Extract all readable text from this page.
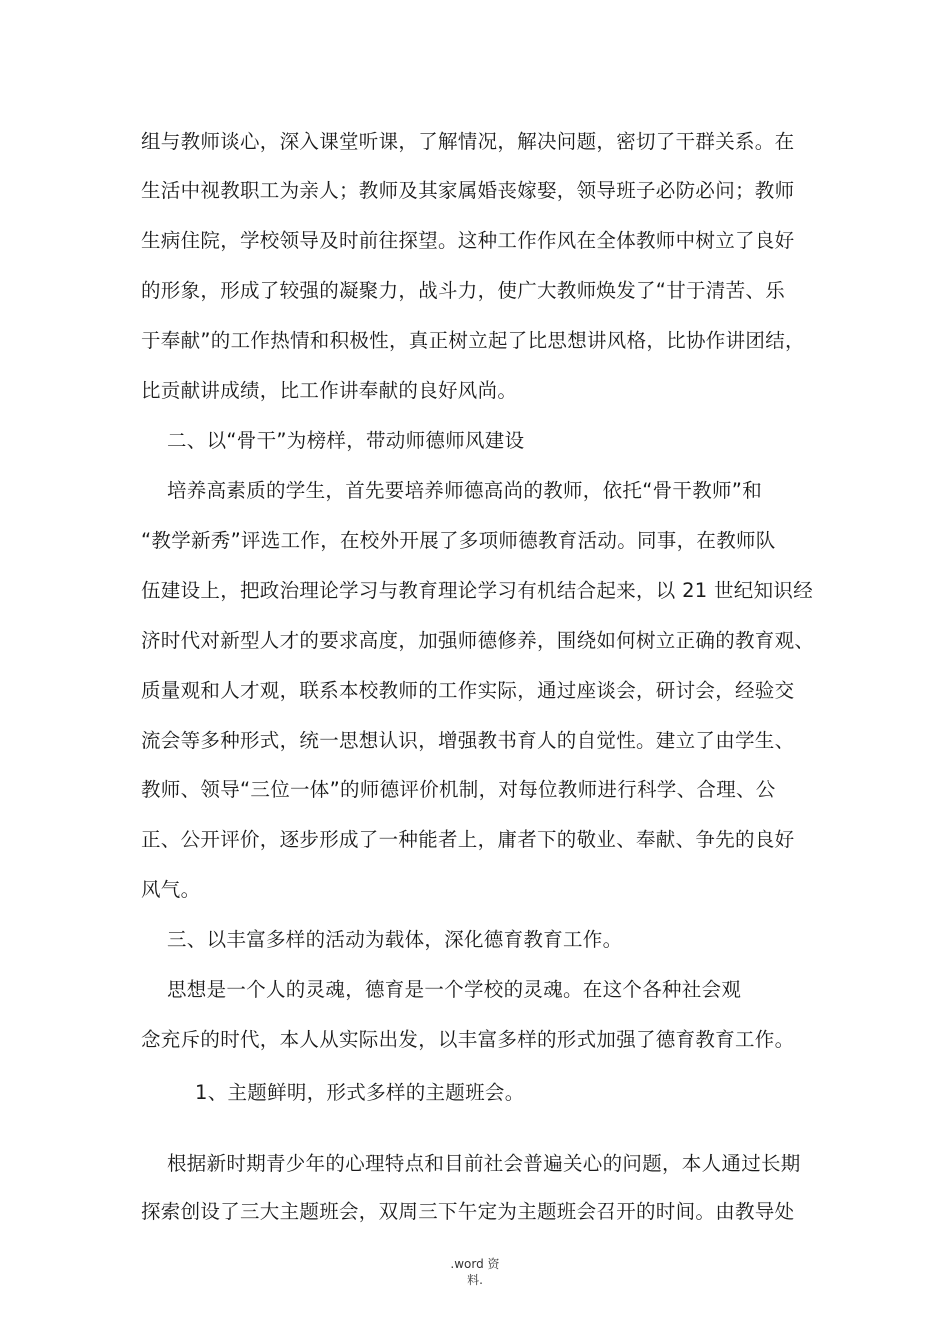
组与教师谈心，深入课堂听课，了解情况，解决问题，密切了干群关系。在
生活中视教职工为亲人；教师及其家属婚丧嫁娶，领导班子必防必问；教师
生病住院，学校领导及时前往探望。这种工作作风在全体教师中树立了良好
的形象，形成了较强的凝聚力，战斗力，使广大教师焕发了“甘于清苦、乐
于奉献”的工作热情和积极性，真正树立起了比思想讲风格，比协作讲团结，
比贡献讲成绩，比工作讲奉献的良好风尚。
二、以“骨干”为榜样，带动师德师风建设
培养高素质的学生，首先要培养师德高尚的教师，依托“骨干教师”和
“教学新秀”评选工作，在校外开展了多项师德教育活动。同事，在教师队
伍建设上，把政治理论学习与教育理论学习有机结合起来，以 21 世纪知识经
济时代对新型人才的要求高度，加强师德修养，围绕如何树立正确的教育观、
质量观和人才观，联系本校教师的工作实际，通过座谈会，研讨会，经验交
流会等多种形式，统一思想认识，增强教书育人的自觉性。建立了由学生、
教师、领导“三位一体”的师德评价机制，对每位教师进行科学、合理、公
正、公开评价，逐步形成了一种能者上，庸者下的敬业、奉献、争先的良好
风气。
三、以丰富多样的活动为载体，深化德育教育工作。
思想是一个人的灵魂，德育是一个学校的灵魂。在这个各种社会观
念充斥的时代，本人从实际出发，以丰富多样的形式加强了德育教育工作。
1、主题鲜明，形式多样的主题班会。
根据新时期青少年的心理特点和目前社会普遍关心的问题，本人通过长期
探索创设了三大主题班会，双周三下午定为主题班会召开的时间。由教导处
.word 资
料.
